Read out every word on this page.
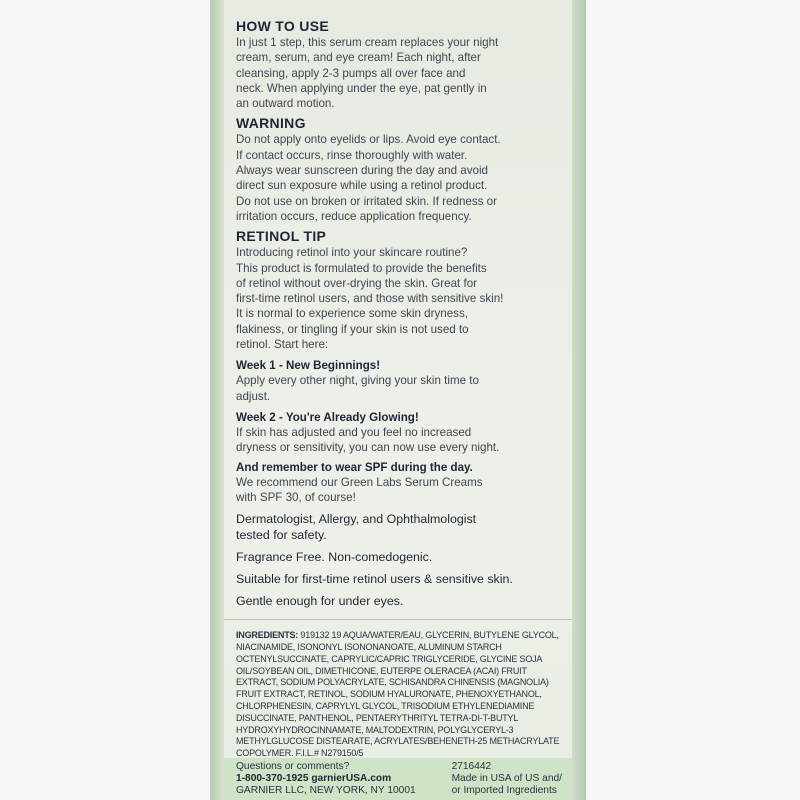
HOW TO USE

In just 1 step, this serum cream replaces your night

cream, serum, and eye cream! Each night, after

cleansing, apply 2-3 pumps all over face and

neck. When applying under the eye, pat gently in

an outward motion.

WARNING

Do not apply onto eyelids or lips. Avoid eye contact.

If contact occurs, rinse thoroughly with water.

Always wear sunscreen during the day and avoid

direct sun exposure while using a retinol product.

Do not use on broken or irritated skin. If redness or

irritation occurs, reduce application frequency.

RETINOL TIP

Introducing retinol into your skincare routine?

This product is formulated to provide the benefits

of retinol without over-drying the skin. Great for

first-time retinol users, and those with sensitive skin!

It is normal to experience some skin dryness,

flakiness, or tingling if your skin is not used to

retinol. Start here:

Week 1 - New Beginnings!

Apply every other night, giving your skin time to

adjust.

Week 2 - You're Already Glowing!

If skin has adjusted and you feel no increased

dryness or sensitivity, you can now use every night.

And remember to wear SPF during the day.

We recommend our Green Labs Serum Creams

with SPF 30, of course!

Dermatologist, Allergy, and Ophthalmologist

tested for safety.

Fragrance Free. Non-comedogenic.

Suitable for first-time retinol users & sensitive skin.

Gentle enough for under eyes.

INGREDIENTS: 919132 19 AQUA/WATER/EAU, GLYCERIN, BUTYLENE GLYCOL, NIACINAMIDE, ISONONYL ISONONANOATE, ALUMINUM STARCH OCTENYLSUCCINATE, CAPRYLIC/CAPRIC TRIGLYCERIDE, GLYCINE SOJA OIL/SOYBEAN OIL, DIMETHICONE, EUTERPE OLERACEA (ACAI) FRUIT EXTRACT, SODIUM POLYACRYLATE, SCHISANDRA CHINENSIS (MAGNOLIA) FRUIT EXTRACT, RETINOL, SODIUM HYALURONATE, PHENOXYETHANOL, CHLORPHENESIN, CAPRYLYL GLYCOL, TRISODIUM ETHYLENEDIAMINE DISUCCINATE, PANTHENOL, PENTAERYTHRITYL TETRA-DI-T-BUTYL HYDROXYHYDROCINNAMATE, MALTODEXTRIN, POLYGLYCERYL-3 METHYLGLUCOSE DISTEARATE, ACRYLATES/BEHENETH-25 METHACRYLATE COPOLYMER. F.I.L.# N279150/5
Questions or comments?
1-800-370-1925 garnierUSA.com
GARNIER LLC, NEW YORK, NY 10001
2716442
Made in USA of US and/
or Imported Ingredients
